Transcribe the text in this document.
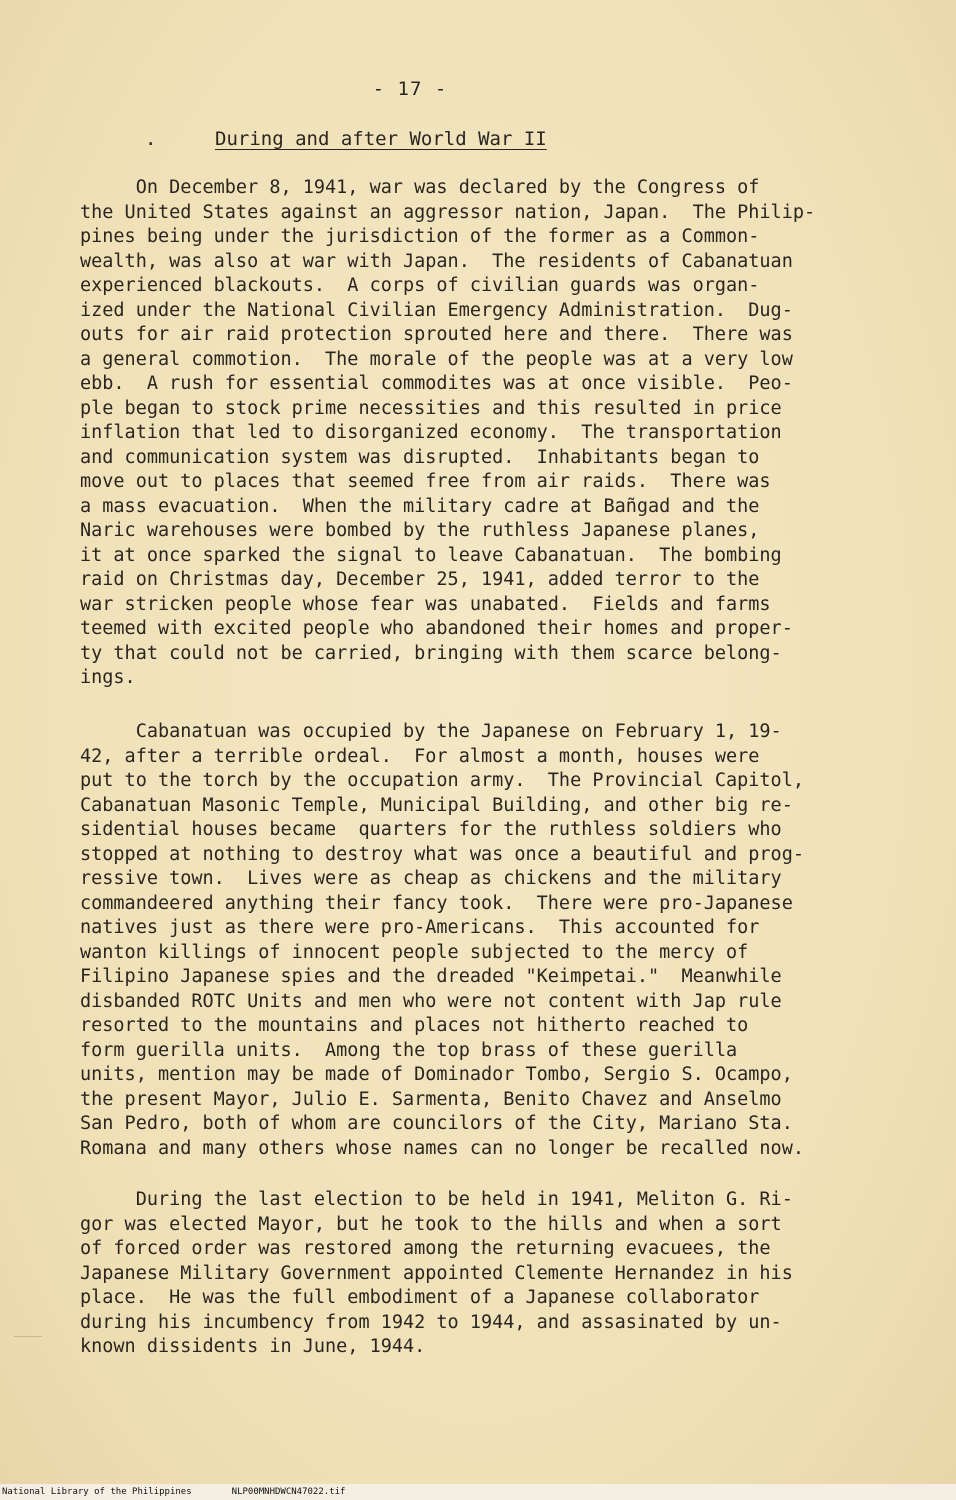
- 17 -
.	During and after World War II
On December 8, 1941, war was declared by the Congress of
the United States against an aggressor nation, Japan.  The Philip-
pines being under the jurisdiction of the former as a Common-
wealth, was also at war with Japan.  The residents of Cabanatuan
experienced blackouts.  A corps of civilian guards was organ-
ized under the National Civilian Emergency Administration.  Dug-
outs for air raid protection sprouted here and there.  There was
a general commotion.  The morale of the people was at a very low
ebb.  A rush for essential commodites was at once visible.  Peo-
ple began to stock prime necessities and this resulted in price
inflation that led to disorganized economy.  The transportation
and communication system was disrupted.  Inhabitants began to
move out to places that seemed free from air raids.  There was
a mass evacuation.  When the military cadre at Bañgad and the
Naric warehouses were bombed by the ruthless Japanese planes,
it at once sparked the signal to leave Cabanatuan.  The bombing
raid on Christmas day, December 25, 1941, added terror to the
war stricken people whose fear was unabated.  Fields and farms
teemed with excited people who abandoned their homes and proper-
ty that could not be carried, bringing with them scarce belong-
ings.
Cabanatuan was occupied by the Japanese on February 1, 19-
42, after a terrible ordeal.  For almost a month, houses were
put to the torch by the occupation army.  The Provincial Capitol,
Cabanatuan Masonic Temple, Municipal Building, and other big re-
sidential houses became  quarters for the ruthless soldiers who
stopped at nothing to destroy what was once a beautiful and prog-
ressive town.  Lives were as cheap as chickens and the military
commandeered anything their fancy took.  There were pro-Japanese
natives just as there were pro-Americans.  This accounted for
wanton killings of innocent people subjected to the mercy of
Filipino Japanese spies and the dreaded "Keimpetai."  Meanwhile
disbanded ROTC Units and men who were not content with Jap rule
resorted to the mountains and places not hitherto reached to
form guerilla units.  Among the top brass of these guerilla
units, mention may be made of Dominador Tombo, Sergio S. Ocampo,
the present Mayor, Julio E. Sarmenta, Benito Chavez and Anselmo
San Pedro, both of whom are councilors of the City, Mariano Sta.
Romana and many others whose names can no longer be recalled now.
During the last election to be held in 1941, Meliton G. Ri-
gor was elected Mayor, but he took to the hills and when a sort
of forced order was restored among the returning evacuees, the
Japanese Military Government appointed Clemente Hernandez in his
place.  He was the full embodiment of a Japanese collaborator
during his incumbency from 1942 to 1944, and assasinated by un-
known dissidents in June, 1944.
National Library of the Philippines	NLP00MNHDWCN47022.tif
